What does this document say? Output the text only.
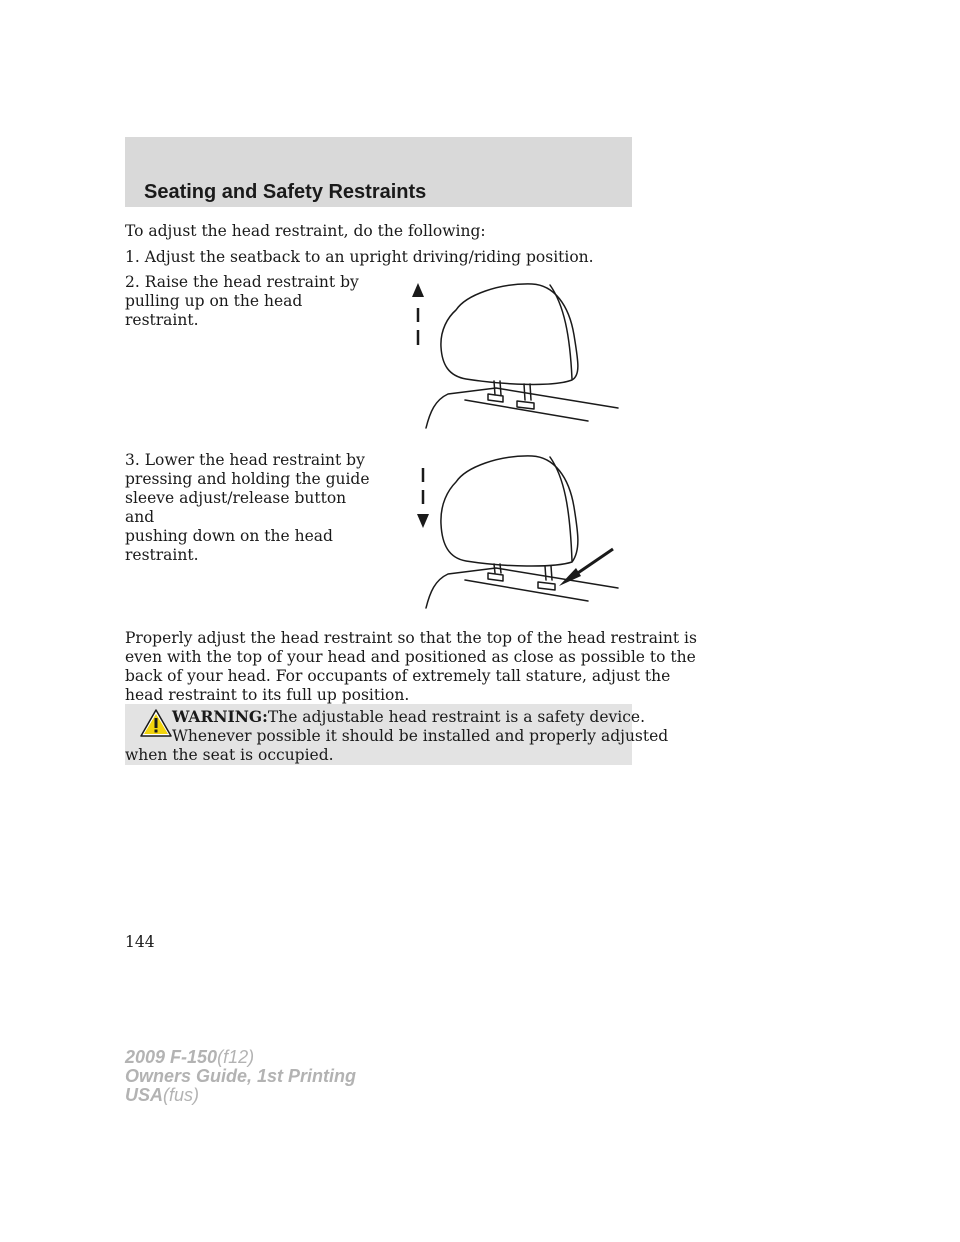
Seating and Safety Restraints

To adjust the head restraint, do the following:

1. Adjust the seatback to an upright driving/riding position.

2. Raise the head restraint by
pulling up on the head restraint.
3. Lower the head restraint by
pressing and holding the guide
sleeve adjust/release button and
pushing down on the head restraint.
Properly adjust the head restraint so that the top of the head restraint is
even with the top of your head and positioned as close as possible to the
back of your head. For occupants of extremely tall stature, adjust the
head restraint to its full up position.
WARNING:The adjustable head restraint is a safety device.
Whenever possible it should be installed and properly adjusted
when the seat is occupied.
144
2009 F-150(f12)
Owners Guide, 1st Printing
USA(fus)
